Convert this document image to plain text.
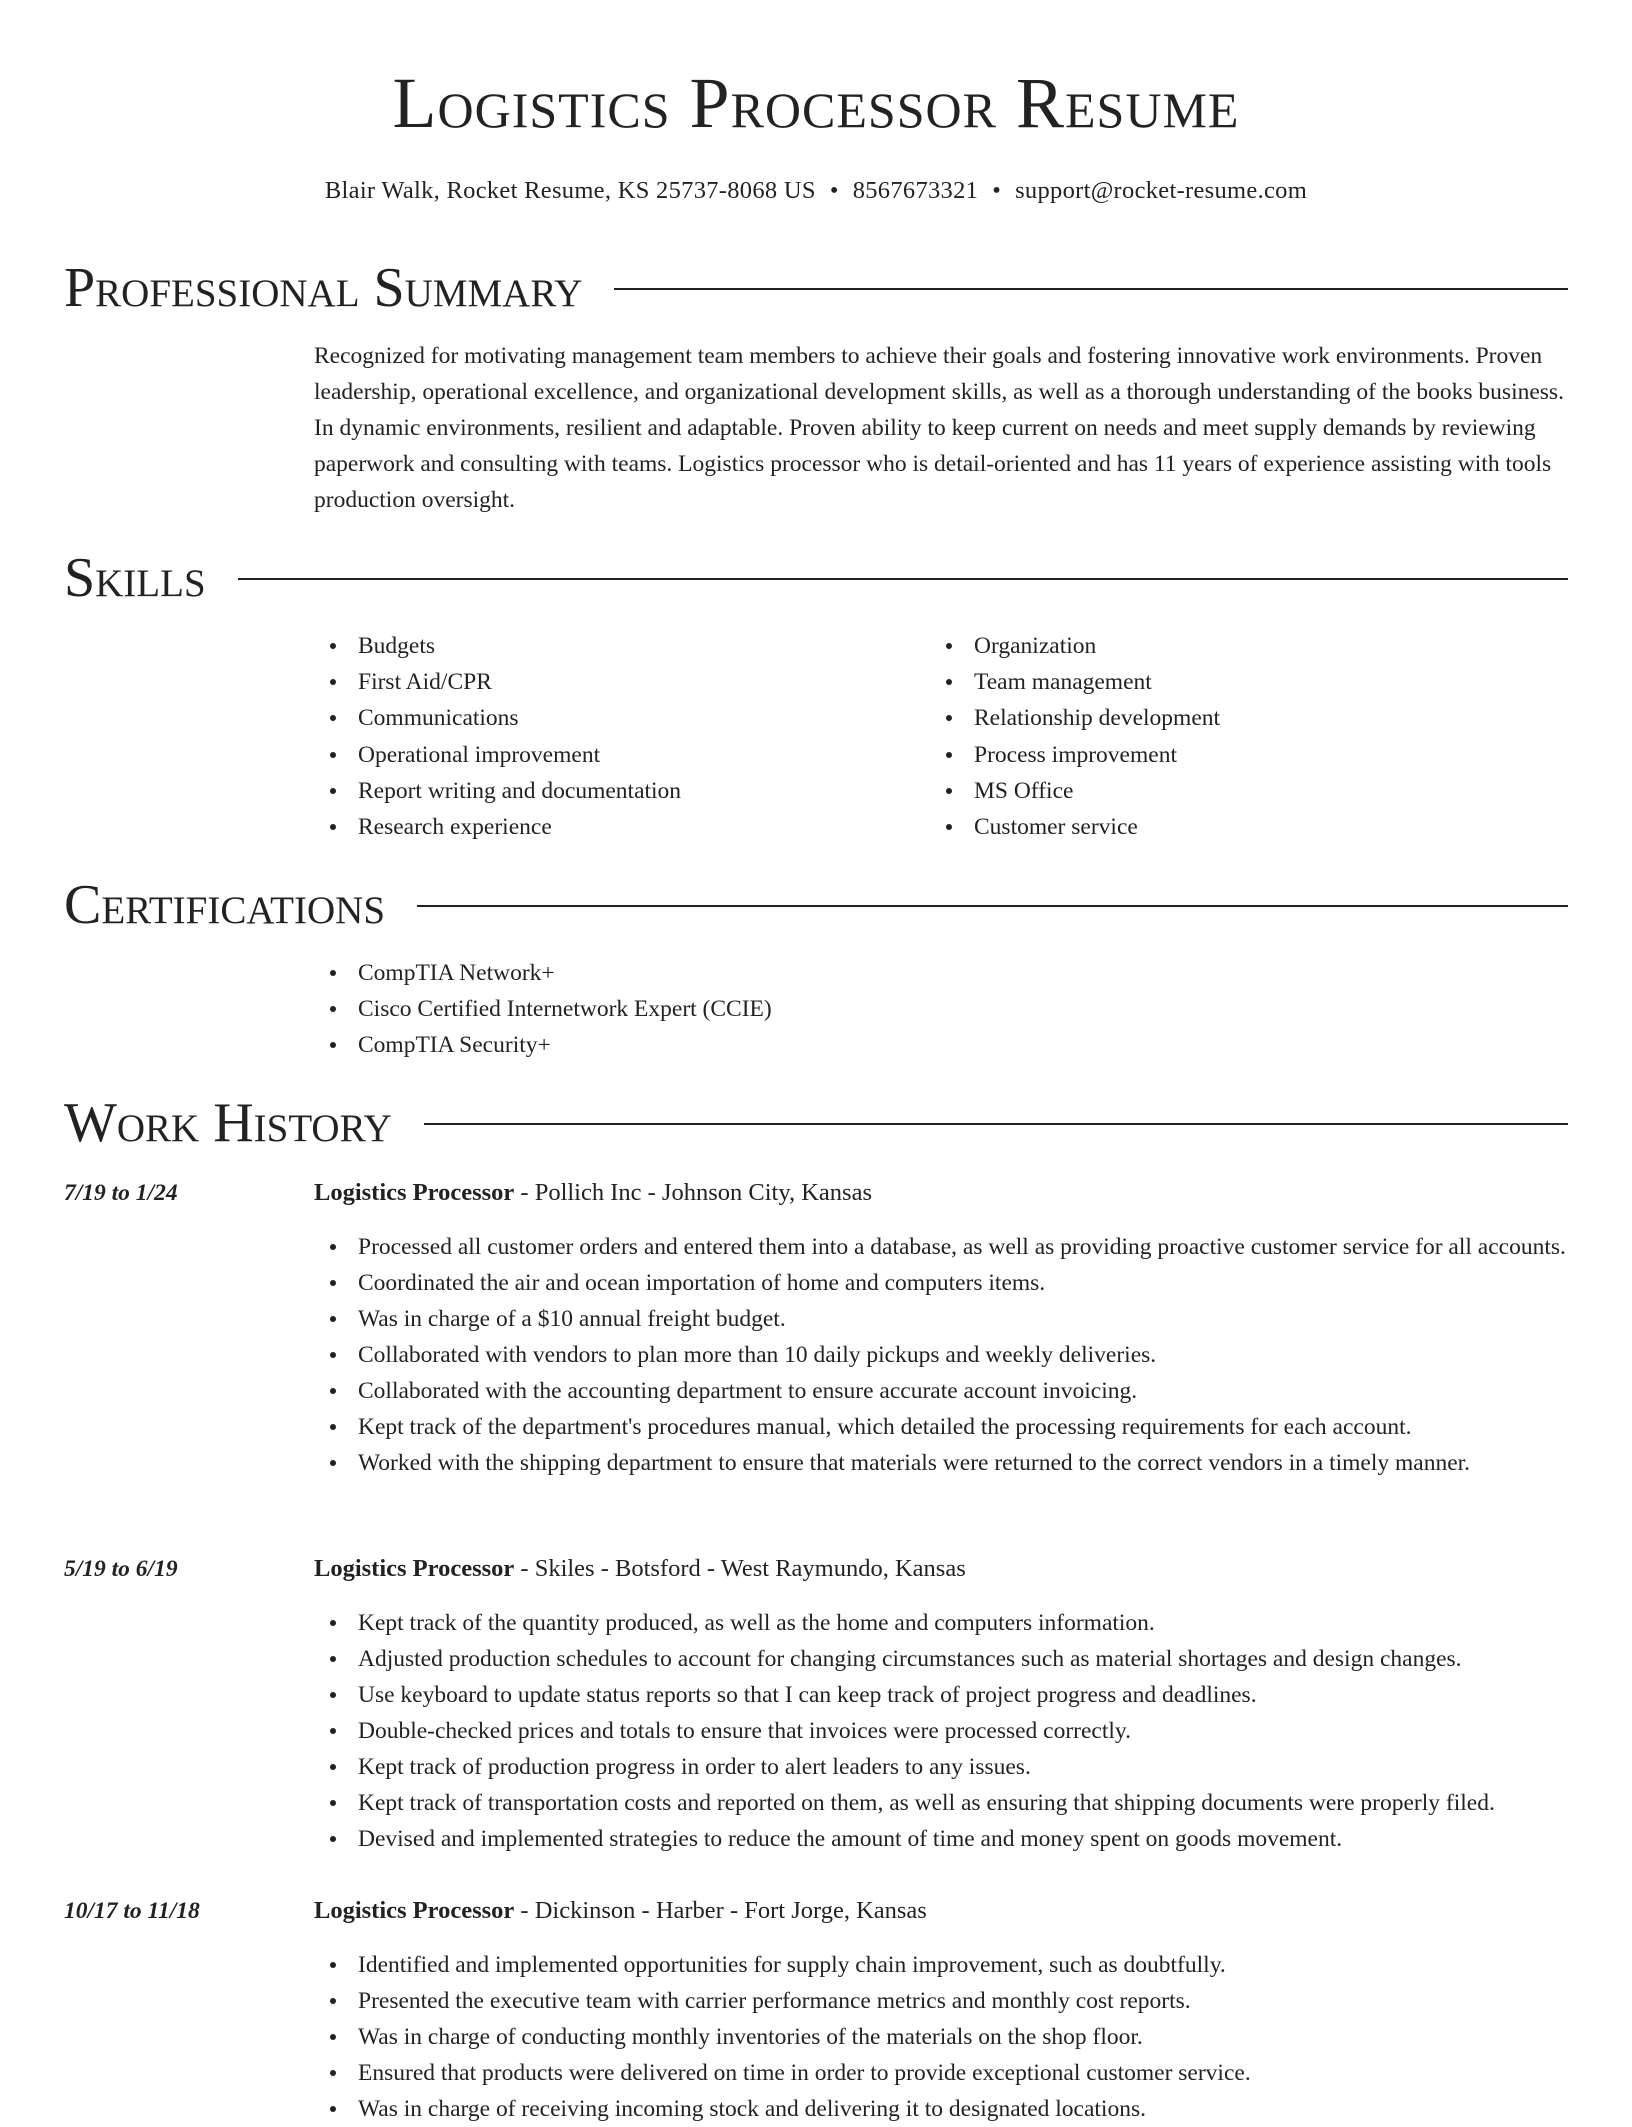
Logistics Processor Resume
Blair Walk, Rocket Resume, KS 25737-8068 US • 8567673321 • support@rocket-resume.com
Professional Summary

Recognized for motivating management team members to achieve their goals and fostering innovative work environments. Proven leadership, operational excellence, and organizational development skills, as well as a thorough understanding of the books business. In dynamic environments, resilient and adaptable. Proven ability to keep current on needs and meet supply demands by reviewing paperwork and consulting with teams. Logistics processor who is detail-oriented and has 11 years of experience assisting with tools production oversight.

Skills
Budgets
First Aid/CPR
Communications
Operational improvement
Report writing and documentation
Research experience
Organization
Team management
Relationship development
Process improvement
MS Office
Customer service
Certifications
CompTIA Network+
Cisco Certified Internetwork Expert (CCIE)
CompTIA Security+
Work History
7/19 to 1/24	Logistics Processor - Pollich Inc - Johnson City, Kansas
Processed all customer orders and entered them into a database, as well as providing proactive customer service for all accounts.
Coordinated the air and ocean importation of home and computers items.
Was in charge of a $10 annual freight budget.
Collaborated with vendors to plan more than 10 daily pickups and weekly deliveries.
Collaborated with the accounting department to ensure accurate account invoicing.
Kept track of the department's procedures manual, which detailed the processing requirements for each account.
Worked with the shipping department to ensure that materials were returned to the correct vendors in a timely manner.
5/19 to 6/19	Logistics Processor - Skiles - Botsford - West Raymundo, Kansas
Kept track of the quantity produced, as well as the home and computers information.
Adjusted production schedules to account for changing circumstances such as material shortages and design changes.
Use keyboard to update status reports so that I can keep track of project progress and deadlines.
Double-checked prices and totals to ensure that invoices were processed correctly.
Kept track of production progress in order to alert leaders to any issues.
Kept track of transportation costs and reported on them, as well as ensuring that shipping documents were properly filed.
Devised and implemented strategies to reduce the amount of time and money spent on goods movement.
10/17 to 11/18	Logistics Processor - Dickinson - Harber - Fort Jorge, Kansas
Identified and implemented opportunities for supply chain improvement, such as doubtfully.
Presented the executive team with carrier performance metrics and monthly cost reports.
Was in charge of conducting monthly inventories of the materials on the shop floor.
Ensured that products were delivered on time in order to provide exceptional customer service.
Was in charge of receiving incoming stock and delivering it to designated locations.
